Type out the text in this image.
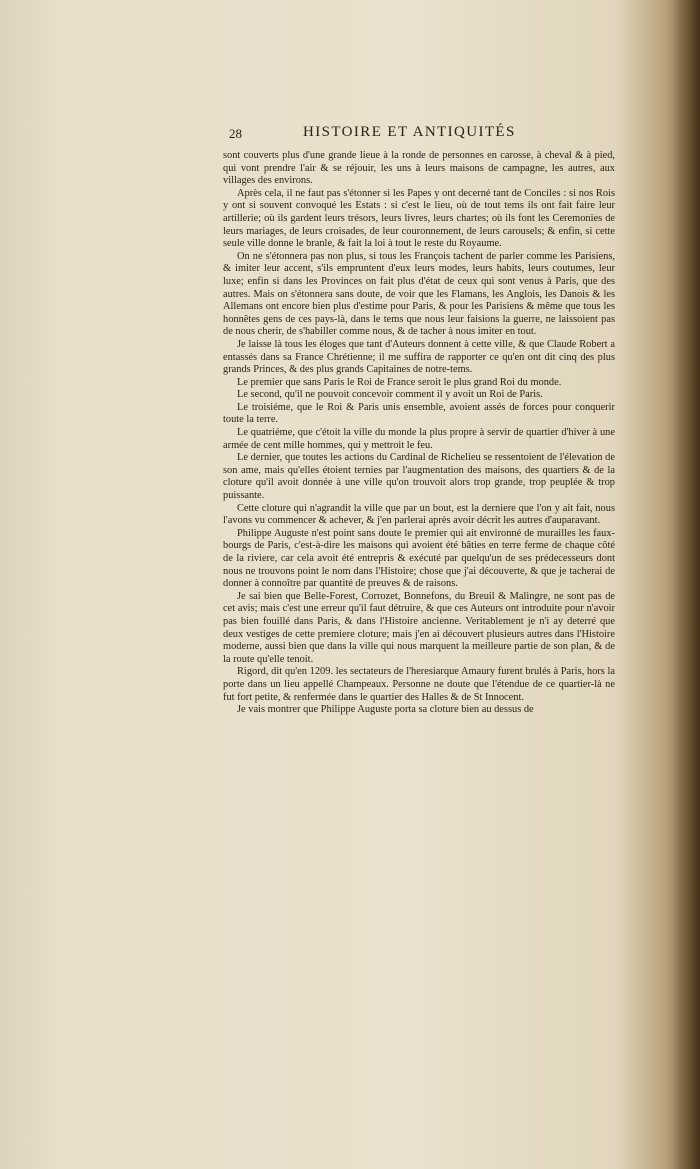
28	HISTOIRE ET ANTIQUITÉS

sont couverts plus d'une grande lieue à la ronde de personnes en carosse, à cheval & à pied, qui vont prendre l'air & se réjouir, les uns à leurs maisons de campagne, les autres, aux villages des environs.

Après cela, il ne faut pas s'étonner si les Papes y ont decerné tant de Conciles : si nos Rois y ont si souvent convoqué les Estats : si c'est le lieu, où de tout tems ils ont fait faire leur artillerie; où ils gardent leurs trésors, leurs livres, leurs chartes; où ils font les Ceremonies de leurs mariages, de leurs croisades, de leur couronnement, de leurs carousels; & enfin, si cette seule ville donne le branle, & fait la loi à tout le reste du Royaume.

On ne s'étonnera pas non plus, si tous les François tachent de parler comme les Parisiens, & imiter leur accent, s'ils empruntent d'eux leurs modes, leurs habits, leurs coutumes, leur luxe; enfin si dans les Provinces on fait plus d'état de ceux qui sont venus à Paris, que des autres. Mais on s'étonnera sans doute, de voir que les Flamans, les Anglois, les Danois & les Allemans ont encore bien plus d'estime pour Paris, & pour les Parisiens & même que tous les honnêtes gens de ces pays-là, dans le tems que nous leur faisions la guerre, ne laissoient pas de nous cherir, de s'habiller comme nous, & de tacher à nous imiter en tout.

Je laisse là tous les éloges que tant d'Auteurs donnent à cette ville, & que Claude Robert a entassés dans sa France Chrétienne; il me suffira de rapporter ce qu'en ont dit cinq des plus grands Princes, & des plus grands Capitaines de notre-tems.

Le premier que sans Paris le Roi de France seroit le plus grand Roi du monde.

Le second, qu'il ne pouvoit concevoir comment il y avoit un Roi de Paris.

Le troisiéme, que le Roi & Paris unis ensemble, avoient assés de forces pour conquerir toute la terre.

Le quatriéme, que c'étoit la ville du monde la plus propre à servir de quartier d'hiver à une armée de cent mille hommes, qui y mettroit le feu.

Le dernier, que toutes les actions du Cardinal de Richelieu se ressentoient de l'élevation de son ame, mais qu'elles étoient ternies par l'augmentation des maisons, des quartiers & de la cloture qu'il avoit donnée à une ville qu'on trouvoit alors trop grande, trop peuplée & trop puissante.

Cette cloture qui n'agrandit la ville que par un bout, est la derniere que l'on y ait fait, nous l'avons vu commencer & achever, & j'en parlerai après avoir décrit les autres d'auparavant.

Philippe Auguste n'est point sans doute le premier qui ait environné de murailles les faux-bourgs de Paris, c'est-à-dire les maisons qui avoient été bâties en terre ferme de chaque côté de la riviere, car cela avoit été entrepris & exécuté par quelqu'un de ses prédecesseurs dont nous ne trouvons point le nom dans l'Histoire; chose que j'ai découverte, & que je tacherai de donner à connoître par quantité de preuves & de raisons.

Je sai bien que Belle-Forest, Corrozet, Bonnefons, du Breuil & Malingre, ne sont pas de cet avis; mais c'est une erreur qu'il faut détruire, & que ces Auteurs ont introduite pour n'avoir pas bien fouillé dans Paris, & dans l'Histoire ancienne. Veritablement je n'i ay deterré que deux vestiges de cette premiere cloture; mais j'en ai découvert plusieurs autres dans l'Histoire moderne, aussi bien que dans la ville qui nous marquent la meilleure partie de son plan, & de la route qu'elle tenoit.

Rigord, dit qu'en 1209. les sectateurs de l'heresiarque Amaury furent brulés à Paris, hors la porte dans un lieu appellé Champeaux. Personne ne doute que l'étendue de ce quartier-là ne fut fort petite, & renfermée dans le quartier des Halles & de St Innocent.

Je vais montrer que Philippe Auguste porta sa cloture bien au dessus de
